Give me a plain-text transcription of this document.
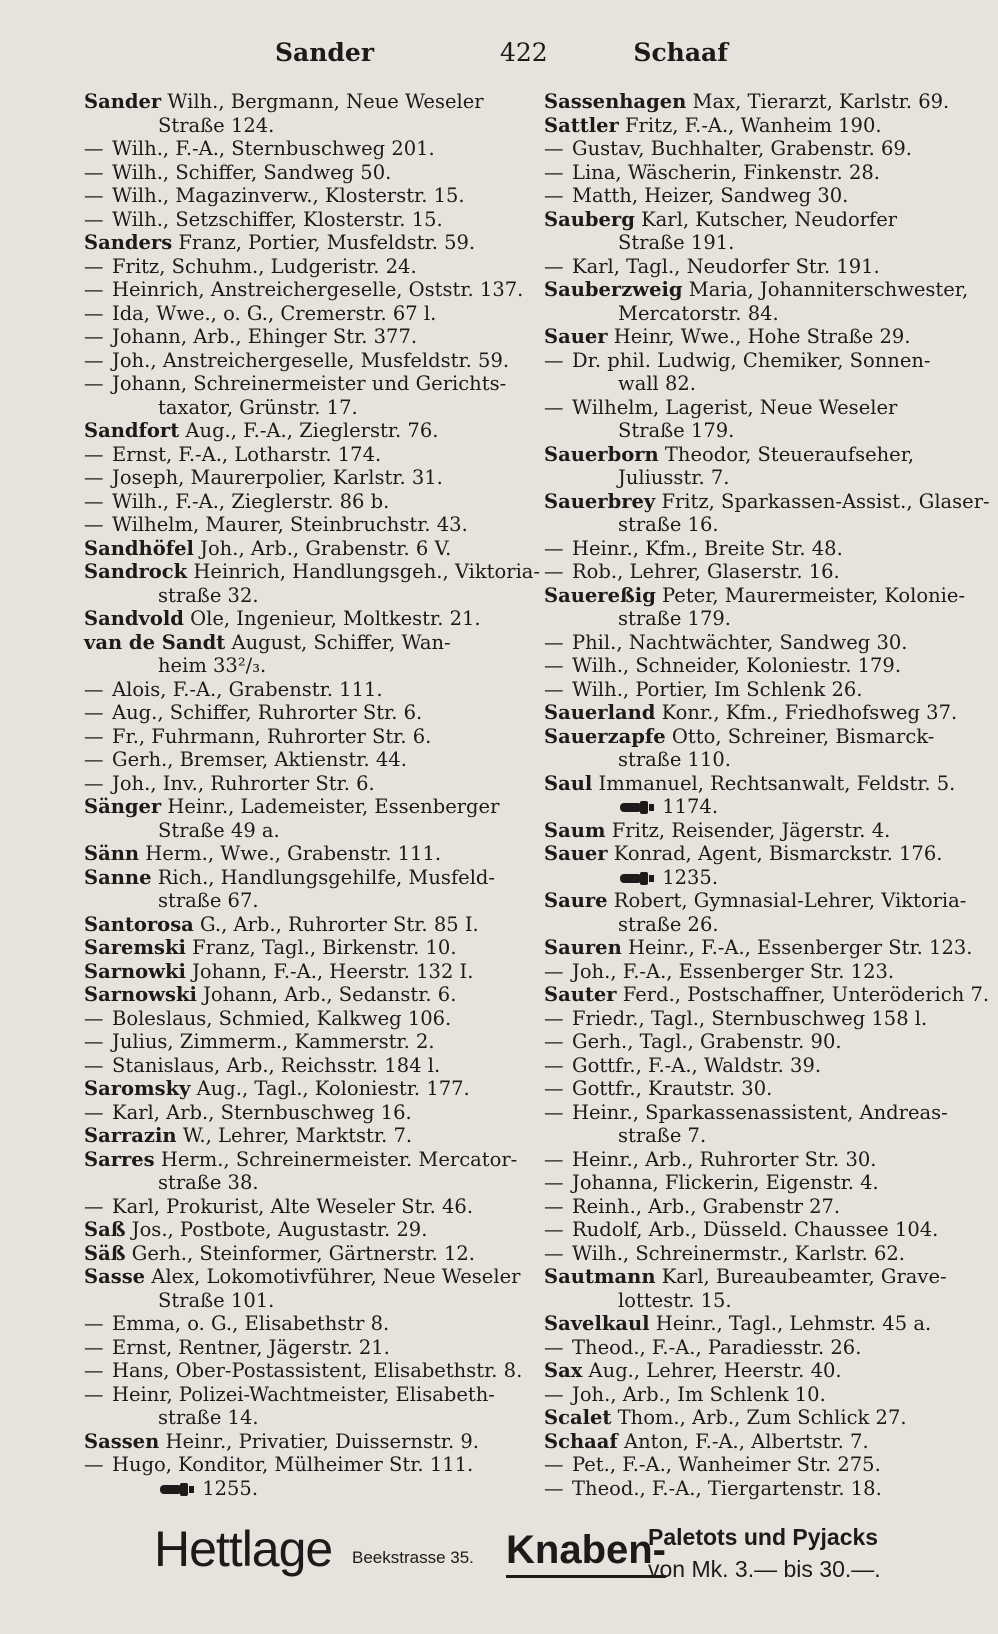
Sander	422	Schaaf
Sander Wilh., Bergmann, Neue Weseler
Straße 124.
— Wilh., F.-A., Sternbuschweg 201.
— Wilh., Schiffer, Sandweg 50.
— Wilh., Magazinverw., Klosterstr. 15.
— Wilh., Setzschiffer, Klosterstr. 15.
Sanders Franz, Portier, Musfeldstr. 59.
— Fritz, Schuhm., Ludgeristr. 24.
— Heinrich, Anstreichergeselle, Oststr. 137.
— Ida, Wwe., o. G., Cremerstr. 67 l.
— Johann, Arb., Ehinger Str. 377.
— Joh., Anstreichergeselle, Musfeldstr. 59.
— Johann, Schreinermeister und Gerichts-
taxator, Grünstr. 17.
Sandfort Aug., F.-A., Zieglerstr. 76.
— Ernst, F.-A., Lotharstr. 174.
— Joseph, Maurerpolier, Karlstr. 31.
— Wilh., F.-A., Zieglerstr. 86 b.
— Wilhelm, Maurer, Steinbruchstr. 43.
Sandhöfel Joh., Arb., Grabenstr. 6 V.
Sandrock Heinrich, Handlungsgeh., Viktoria-
straße 32.
Sandvold Ole, Ingenieur, Moltkestr. 21.
van de Sandt August, Schiffer, Wan-
heim 33²/₃.
— Alois, F.-A., Grabenstr. 111.
— Aug., Schiffer, Ruhrorter Str. 6.
— Fr., Fuhrmann, Ruhrorter Str. 6.
— Gerh., Bremser, Aktienstr. 44.
— Joh., Inv., Ruhrorter Str. 6.
Sänger Heinr., Lademeister, Essenberger
Straße 49 a.
Sänn Herm., Wwe., Grabenstr. 111.
Sanne Rich., Handlungsgehilfe, Musfeld-
straße 67.
Santorosa G., Arb., Ruhrorter Str. 85 I.
Saremski Franz, Tagl., Birkenstr. 10.
Sarnowki Johann, F.-A., Heerstr. 132 I.
Sarnowski Johann, Arb., Sedanstr. 6.
— Boleslaus, Schmied, Kalkweg 106.
— Julius, Zimmerm., Kammerstr. 2.
— Stanislaus, Arb., Reichsstr. 184 l.
Saromsky Aug., Tagl., Koloniestr. 177.
— Karl, Arb., Sternbuschweg 16.
Sarrazin W., Lehrer, Marktstr. 7.
Sarres Herm., Schreinermeister. Mercator-
straße 38.
— Karl, Prokurist, Alte Weseler Str. 46.
Saß Jos., Postbote, Augustastr. 29.
Säß Gerh., Steinformer, Gärtnerstr. 12.
Sasse Alex, Lokomotivführer, Neue Weseler
Straße 101.
— Emma, o. G., Elisabethstr 8.
— Ernst, Rentner, Jägerstr. 21.
— Hans, Ober-Postassistent, Elisabethstr. 8.
— Heinr, Polizei-Wachtmeister, Elisabeth-
straße 14.
Sassen Heinr., Privatier, Duissernstr. 9.
— Hugo, Konditor, Mülheimer Str. 111.
1255.
Sassenhagen Max, Tierarzt, Karlstr. 69.
Sattler Fritz, F.-A., Wanheim 190.
— Gustav, Buchhalter, Grabenstr. 69.
— Lina, Wäscherin, Finkenstr. 28.
— Matth, Heizer, Sandweg 30.
Sauberg Karl, Kutscher, Neudorfer
Straße 191.
— Karl, Tagl., Neudorfer Str. 191.
Sauberzweig Maria, Johanniterschwester,
Mercatorstr. 84.
Sauer Heinr, Wwe., Hohe Straße 29.
— Dr. phil. Ludwig, Chemiker, Sonnen-
wall 82.
— Wilhelm, Lagerist, Neue Weseler
Straße 179.
Sauerborn Theodor, Steueraufseher,
Juliusstr. 7.
Sauerbrey Fritz, Sparkassen-Assist., Glaser-
straße 16.
— Heinr., Kfm., Breite Str. 48.
— Rob., Lehrer, Glaserstr. 16.
Sauereßig Peter, Maurermeister, Kolonie-
straße 179.
— Phil., Nachtwächter, Sandweg 30.
— Wilh., Schneider, Koloniestr. 179.
— Wilh., Portier, Im Schlenk 26.
Sauerland Konr., Kfm., Friedhofsweg 37.
Sauerzapfe Otto, Schreiner, Bismarck-
straße 110.
Saul Immanuel, Rechtsanwalt, Feldstr. 5.
1174.
Saum Fritz, Reisender, Jägerstr. 4.
Sauer Konrad, Agent, Bismarckstr. 176.
1235.
Saure Robert, Gymnasial-Lehrer, Viktoria-
straße 26.
Sauren Heinr., F.-A., Essenberger Str. 123.
— Joh., F.-A., Essenberger Str. 123.
Sauter Ferd., Postschaffner, Unteröderich 7.
— Friedr., Tagl., Sternbuschweg 158 l.
— Gerh., Tagl., Grabenstr. 90.
— Gottfr., F.-A., Waldstr. 39.
— Gottfr., Krautstr. 30.
— Heinr., Sparkassenassistent, Andreas-
straße 7.
— Heinr., Arb., Ruhrorter Str. 30.
— Johanna, Flickerin, Eigenstr. 4.
— Reinh., Arb., Grabenstr 27.
— Rudolf, Arb., Düsseld. Chaussee 104.
— Wilh., Schreinermstr., Karlstr. 62.
Sautmann Karl, Bureaubeamter, Grave-
lottestr. 15.
Savelkaul Heinr., Tagl., Lehmstr. 45 a.
— Theod., F.-A., Paradiesstr. 26.
Sax Aug., Lehrer, Heerstr. 40.
— Joh., Arb., Im Schlenk 10.
Scalet Thom., Arb., Zum Schlick 27.
Schaaf Anton, F.-A., Albertstr. 7.
— Pet., F.-A., Wanheimer Str. 275.
— Theod., F.-A., Tiergartenstr. 18.
Hettlage Beekstrasse 35. Knaben-
Paletots und Pyjacks
von Mk. 3.— bis 30.—.
